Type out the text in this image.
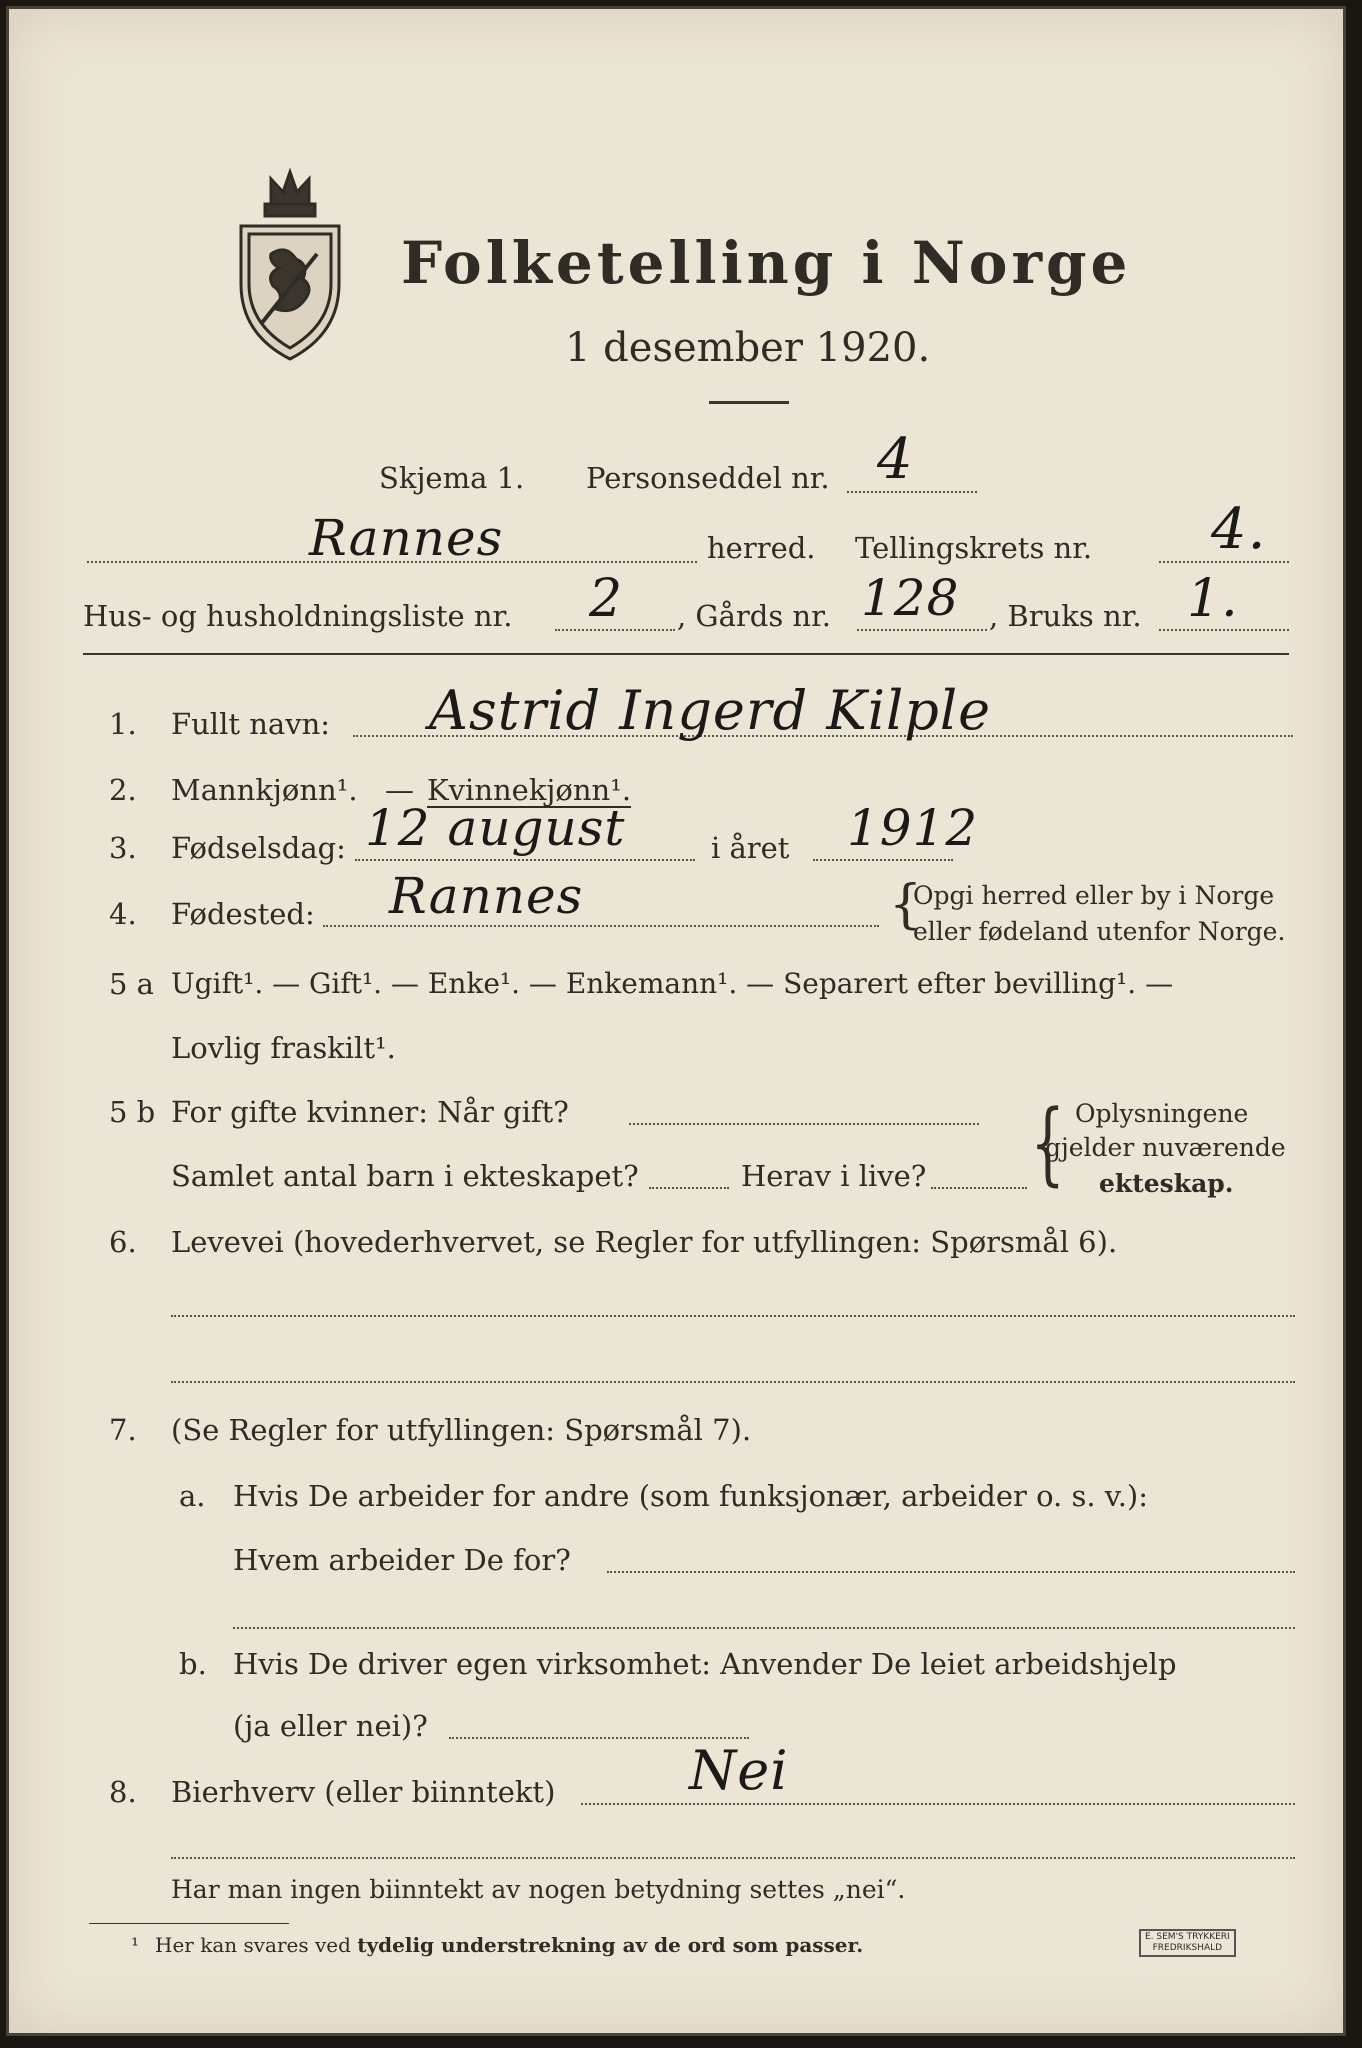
Folketelling i Norge
1 desember 1920.
Skjema 1. Personseddel nr. 4
Rannes	herred. Tellingskrets nr. 4.
Hus- og husholdningsliste nr. 2 , Gårds nr. 128 , Bruks nr. 1.
1. Fullt navn: Astrid Ingerd Kilple
2. Mannkjønn¹. — Kvinnekjønn¹.
3. Fødselsdag: 12 august	i året 1912
4. Fødested: Rannes	{
Opgi herred eller by i Norge
eller fødeland utenfor Norge.
5 a Ugift¹. — Gift¹. — Enke¹. — Enkemann¹. — Separert efter bevilling¹. —
Lovlig fraskilt¹.
5 b For gifte kvinner: Når gift?
Samlet antal barn i ekteskapet?	Herav i live? { Oplysningene
gjelder nuværende
ekteskap.
6. Levevei (hovederhvervet, se Regler for utfyllingen: Spørsmål 6).
7. (Se Regler for utfyllingen: Spørsmål 7).
a. Hvis De arbeider for andre (som funksjonær, arbeider o. s. v.):
Hvem arbeider De for?
b. Hvis De driver egen virksomhet: Anvender De leiet arbeidshjelp
(ja eller nei)?
8. Bierhverv (eller biinntekt) Nei
Har man ingen biinntekt av nogen betydning settes „nei“.
¹ Her kan svares ved tydelig understrekning av de ord som passer.	E. SEM'S TRYKKERI
FREDRIKSHALD
